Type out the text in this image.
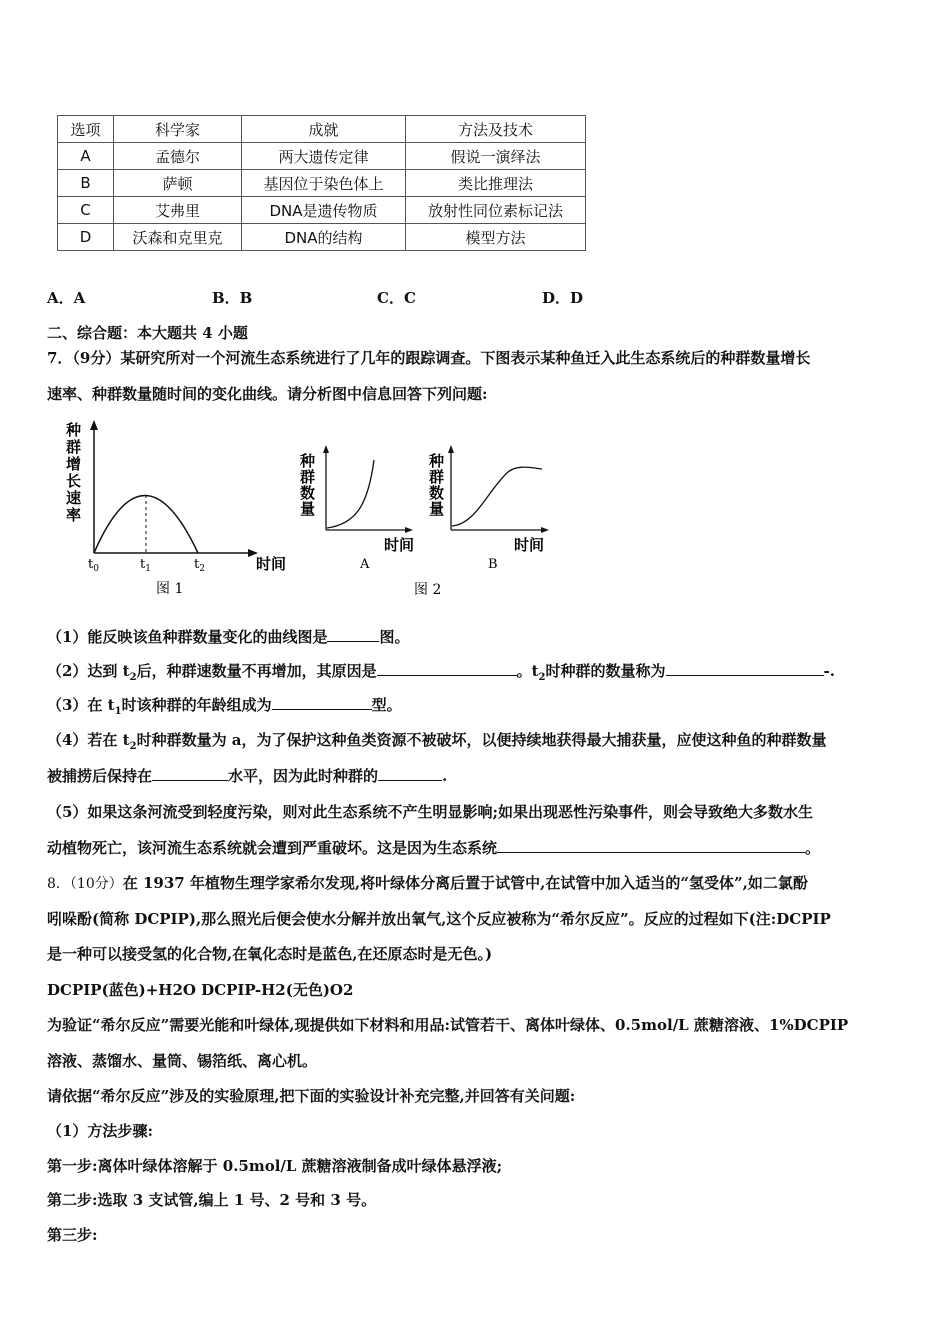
选项	科学家	成就	方法及技术
A	孟德尔	两大遗传定律	假说一演绎法
B	萨顿	基因位于染色体上	类比推理法
C	艾弗里	DNA是遗传物质	放射性同位素标记法
D	沃森和克里克	DNA的结构	模型方法
A．A	B．B	C．C	D．D
二、综合题：本大题共 4 小题
7．（9分）某研究所对一个河流生态系统进行了几年的跟踪调查。下图表示某种鱼迁入此生态系统后的种群数量增长
速率、种群数量随时间的变化曲线。请分析图中信息回答下列问题:
种
群
增
长
速
率
$t_0$	$t_1$	$t_2$	时间
图 1
种
群
数
量
时间
A
种
群
数
量
时间
B
图 2
（1）能反映该鱼种群数量变化的曲线图是	图。
（2）达到 $t_2$后，种群速数量不再增加，其原因是	。$t_2$时种群的数量称为	-.
（3）在 $t_1$时该种群的年龄组成为	型。
（4）若在 $t_2$时种群数量为 a，为了保护这种鱼类资源不被破坏，以便持续地获得最大捕获量，应使这种鱼的种群数量
被捕捞后保持在	水平，因为此时种群的	.
（5）如果这条河流受到轻度污染，则对此生态系统不产生明显影响;如果出现恶性污染事件，则会导致绝大多数水生
动植物死亡，该河流生态系统就会遭到严重破坏。这是因为生态系统	。
8．（10分）在 1937 年植物生理学家希尔发现,将叶绿体分离后置于试管中,在试管中加入适当的“氢受体”,如二氯酚
吲哚酚(简称 DCPIP),那么照光后便会使水分解并放出氧气,这个反应被称为“希尔反应”。反应的过程如下(注:DCPIP
是一种可以接受氢的化合物,在氧化态时是蓝色,在还原态时是无色。)
DCPIP(蓝色)+H2O DCPIP-H2(无色)O2
为验证“希尔反应”需要光能和叶绿体,现提供如下材料和用品:试管若干、离体叶绿体、0.5mol/L 蔗糖溶液、1%DCPIP
溶液、蒸馏水、量筒、锡箔纸、离心机。
请依据“希尔反应”涉及的实验原理,把下面的实验设计补充完整,并回答有关问题:
（1）方法步骤:
第一步:离体叶绿体溶解于 0.5mol/L 蔗糖溶液制备成叶绿体悬浮液;
第二步:选取 3 支试管,编上 1 号、2 号和 3 号。
第三步:
